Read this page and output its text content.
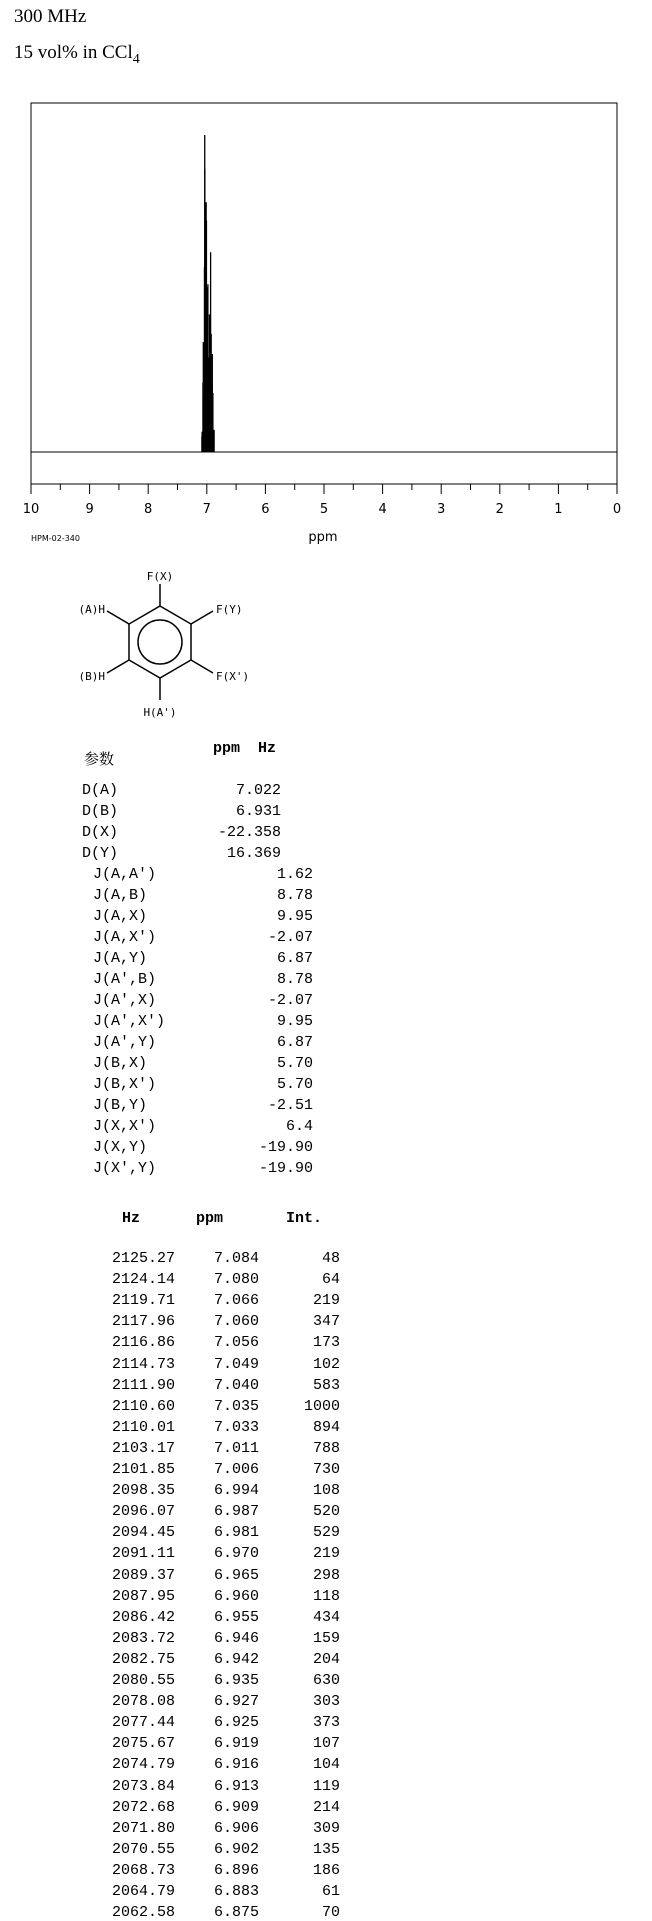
300 MHz
15 vol% in CCl$_4$
10	9	8	7	6	5	4	3	2	1	0
ppm
HPM-02-340
F(X)
F(Y)
F(X')
H(A')
(B)H
(A)H
参数
ppm  Hz
D(A)	7.022
D(B)	6.931
D(X)	-22.358
D(Y)	16.369
J(A,A')	1.62
J(A,B)	8.78
J(A,X)	9.95
J(A,X')	-2.07
J(A,Y)	6.87
J(A',B)	8.78
J(A',X)	-2.07
J(A',X')	9.95
J(A',Y)	6.87
J(B,X)	5.70
J(B,X')	5.70
J(B,Y)	-2.51
J(X,X')	6.4
J(X,Y)	-19.90
J(X',Y)	-19.90
Hz	ppm	Int.
2125.27	7.084	48
2124.14	7.080	64
2119.71	7.066	219
2117.96	7.060	347
2116.86	7.056	173
2114.73	7.049	102
2111.90	7.040	583
2110.60	7.035	1000
2110.01	7.033	894
2103.17	7.011	788
2101.85	7.006	730
2098.35	6.994	108
2096.07	6.987	520
2094.45	6.981	529
2091.11	6.970	219
2089.37	6.965	298
2087.95	6.960	118
2086.42	6.955	434
2083.72	6.946	159
2082.75	6.942	204
2080.55	6.935	630
2078.08	6.927	303
2077.44	6.925	373
2075.67	6.919	107
2074.79	6.916	104
2073.84	6.913	119
2072.68	6.909	214
2071.80	6.906	309
2070.55	6.902	135
2068.73	6.896	186
2064.79	6.883	61
2062.58	6.875	70
